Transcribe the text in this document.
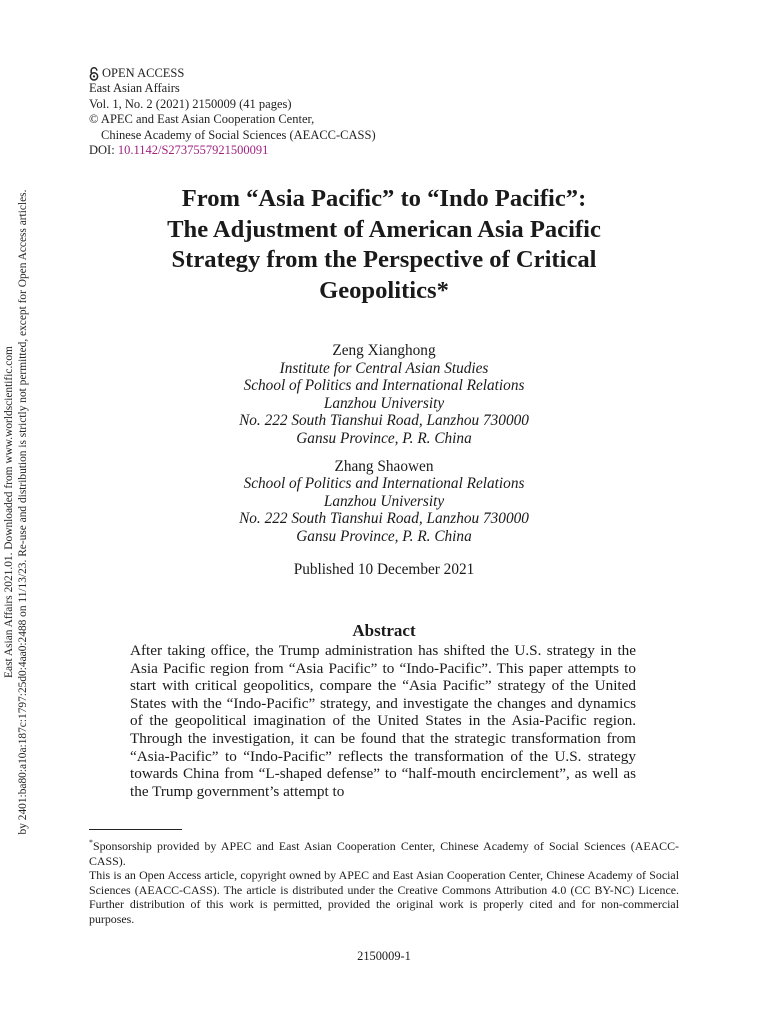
East Asian Affairs 2021.01. Downloaded from www.worldscientific.com by 2401:ba80:a10a:187c:1797:25d0:4aa0:2488 on 11/13/23. Re-use and distribution is strictly not permitted, except for Open Access articles.
OPEN ACCESS
East Asian Affairs
Vol. 1, No. 2 (2021) 2150009 (41 pages)
© APEC and East Asian Cooperation Center,
Chinese Academy of Social Sciences (AEACC-CASS)
DOI: 10.1142/S2737557921500091
From “Asia Pacific” to “Indo Pacific”:
The Adjustment of American Asia Pacific
Strategy from the Perspective of Critical
Geopolitics*
Zeng Xianghong
Institute for Central Asian Studies
School of Politics and International Relations
Lanzhou University
No. 222 South Tianshui Road, Lanzhou 730000
Gansu Province, P. R. China
Zhang Shaowen
School of Politics and International Relations
Lanzhou University
No. 222 South Tianshui Road, Lanzhou 730000
Gansu Province, P. R. China
Published 10 December 2021
Abstract

After taking office, the Trump administration has shifted the U.S. strategy in the Asia Pacific region from “Asia Pacific” to “Indo-Pacific”. This paper attempts to start with critical geopolitics, compare the “Asia Pacific” strategy of the United States with the “Indo-Pacific” strategy, and investigate the changes and dynamics of the geopolitical imagination of the United States in the Asia-Pacific region. Through the investigation, it can be found that the strategic transformation from “Asia-Pacific” to “Indo-Pacific” reflects the transformation of the U.S. strategy towards China from “L-shaped defense” to “half-mouth encirclement”, as well as the Trump government’s attempt to

*Sponsorship provided by APEC and East Asian Cooperation Center, Chinese Academy of Social Sciences (AEACC-CASS).

This is an Open Access article, copyright owned by APEC and East Asian Cooperation Center, Chinese Academy of Social Sciences (AEACC-CASS). The article is distributed under the Creative Commons Attribution 4.0 (CC BY-NC) Licence. Further distribution of this work is permitted, provided the original work is properly cited and for non-commercial purposes.

2150009-1
